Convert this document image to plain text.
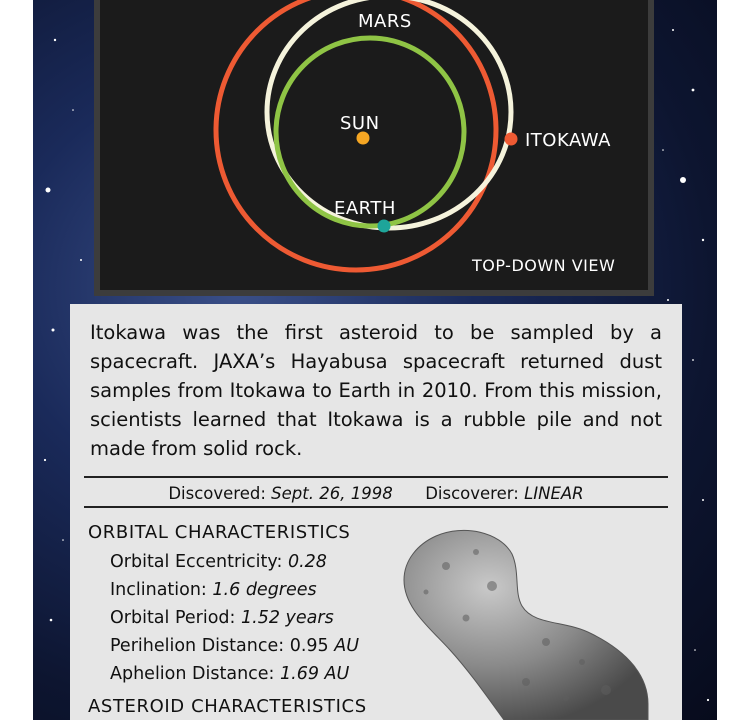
MARS
SUN
EARTH
ITOKAWA
TOP-DOWN VIEW

Itokawa was the first asteroid to be sampled by a spacecraft. JAXA’s Hayabusa spacecraft returned dust samples from Itokawa to Earth in 2010. From this mission, scientists learned that Itokawa is a rubble pile and not made from solid rock.

Discovered: Sept. 26, 1998 Discoverer: LINEAR
ORBITAL CHARACTERISTICS
Orbital Eccentricity: 0.28
Inclination: 1.6 degrees
Orbital Period: 1.52 years
Perihelion Distance: 0.95 AU
Aphelion Distance: 1.69 AU
ASTEROID CHARACTERISTICS
